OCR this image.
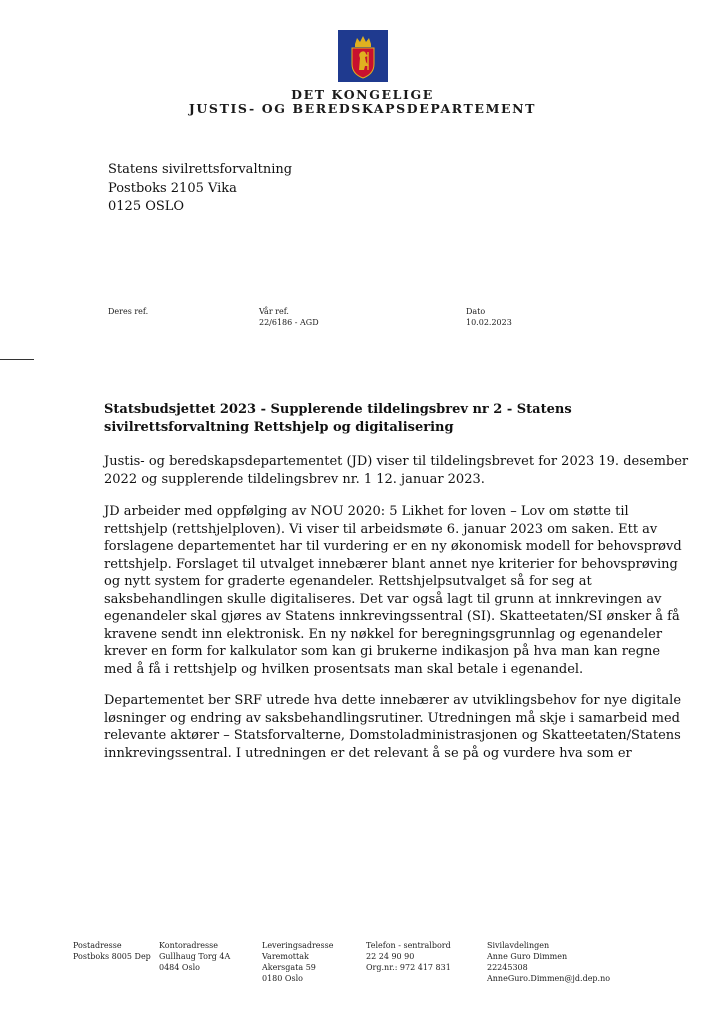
DET KONGELIGE
JUSTIS- OG BEREDSKAPSDEPARTEMENT
Statens sivilrettsforvaltning
Postboks 2105 Vika
0125 OSLO
Deres ref.	Vår ref.
22/6186 - AGD
Dato
10.02.2023
Statsbudsjettet 2023 - Supplerende tildelingsbrev nr 2 - Statens
sivilrettsforvaltning Rettshjelp og digitalisering
Justis- og beredskapsdepartementet (JD) viser til tildelingsbrevet for 2023 19. desember
2022 og supplerende tildelingsbrev nr. 1 12. januar 2023.
JD arbeider med oppfølging av NOU 2020: 5 Likhet for loven – Lov om støtte til
rettshjelp (rettshjelploven). Vi viser til arbeidsmøte 6. januar 2023 om saken. Ett av
forslagene departementet har til vurdering er en ny økonomisk modell for behovsprøvd
rettshjelp. Forslaget til utvalget innebærer blant annet nye kriterier for behovsprøving
og nytt system for graderte egenandeler. Rettshjelpsutvalget så for seg at
saksbehandlingen skulle digitaliseres. Det var også lagt til grunn at innkrevingen av
egenandeler skal gjøres av Statens innkrevingssentral (SI). Skatteetaten/SI ønsker å få
kravene sendt inn elektronisk. En ny nøkkel for beregningsgrunnlag og egenandeler
krever en form for kalkulator som kan gi brukerne indikasjon på hva man kan regne
med å få i rettshjelp og hvilken prosentsats man skal betale i egenandel.
Departementet ber SRF utrede hva dette innebærer av utviklingsbehov for nye digitale
løsninger og endring av saksbehandlingsrutiner. Utredningen må skje i samarbeid med
relevante aktører – Statsforvalterne, Domstoladministrasjonen og Skatteetaten/Statens
innkrevingssentral. I utredningen er det relevant å se på og vurdere hva som er
Postadresse
Postboks 8005 Dep
Kontoradresse
Gullhaug Torg 4A
0484 Oslo
Leveringsadresse
Varemottak
Akersgata 59
0180 Oslo
Telefon - sentralbord
22 24 90 90
Org.nr.: 972 417 831
Sivilavdelingen
Anne Guro Dimmen
22245308
AnneGuro.Dimmen@jd.dep.no
